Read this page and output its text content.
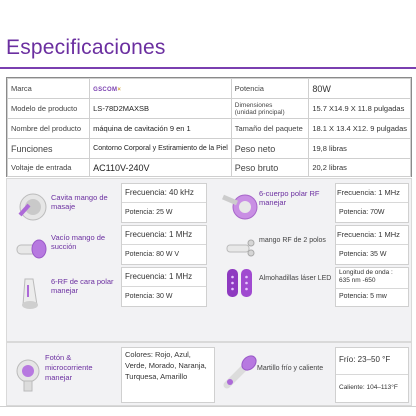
Especificaciones
Marca	GSCOM×	Potencia	80W
Modelo de producto	LS-78D2MAXSB	Dimensiones
(unidad principal)	15.7 X14.9 X 11.8 pulgadas
Nombre del producto	máquina de cavitación 9 en 1	Tamaño del paquete	18.1 X 13.4 X12. 9 pulgadas
Funciones	Contorno Corporal y Estiramiento de la Piel	Peso neto	19,8 libras
Voltaje de entrada	AC110V-240V	Peso bruto	20,2 libras
Cavita mango de masaje
Frecuencia: 40 kHz
Potencia: 25 W
Vacío mango de succión
Frecuencia: 1 MHz
Potencia: 80 W V
6-RF de cara polar manejar
Frecuencia: 1 MHz
Potencia: 30 W
6-cuerpo polar RF manejar
Frecuencia: 1 MHz
Potencia: 70W
mango RF de 2 polos
Frecuencia: 1 MHz
Potencia: 35 W
Almohadillas láser LED
Longitud de onda : 635 nm -650
Potencia: 5 mw
Fotón & microcorriente manejar
Colores: Rojo, Azul, Verde, Morado, Naranja, Turquesa, Amarillo
Martillo frío y caliente
Frío: 23–50 °F
Caliente: 104–113°F
